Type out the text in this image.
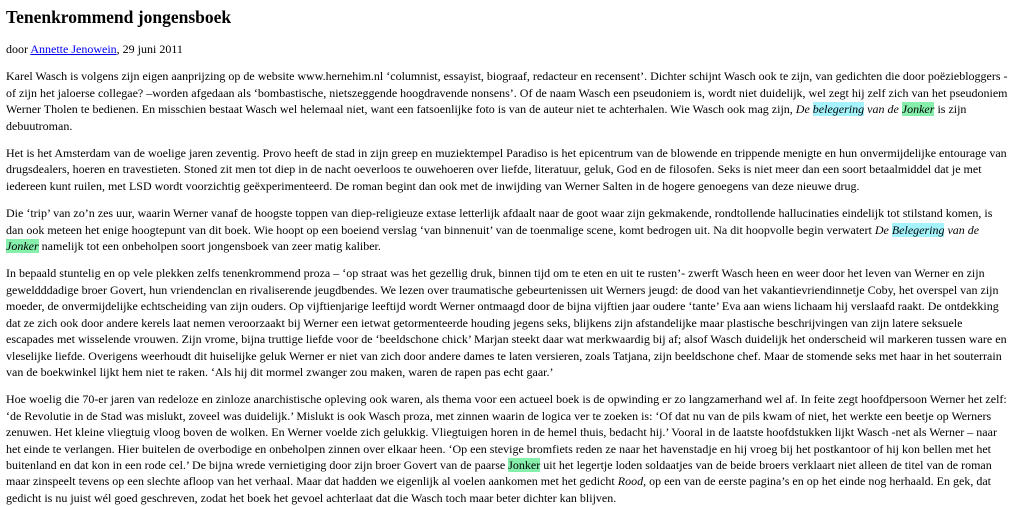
Tenenkrommend jongensboek

door Annette Jenowein, 29 juni 2011

Karel Wasch is volgens zijn eigen aanprijzing op de website www.hernehim.nl ‘columnist, essayist, biograaf, redacteur en recensent’. Dichter schijnt Wasch ook te zijn, van gedichten die door poëziebloggers -of zijn het jaloerse collegae? –worden afgedaan als ‘bombastische, nietszeggende hoogdravende nonsens’. Of de naam Wasch een pseudoniem is, wordt niet duidelijk, wel zegt hij zelf zich van het pseudoniem Werner Tholen te bedienen. En misschien bestaat Wasch wel helemaal niet, want een fatsoenlijke foto is van de auteur niet te achterhalen. Wie Wasch ook mag zijn, De belegering van de Jonker is zijn debuutroman.

Het is het Amsterdam van de woelige jaren zeventig. Provo heeft de stad in zijn greep en muziektempel Paradiso is het epicentrum van de blowende en trippende menigte en hun onvermijdelijke entourage van drugsdealers, hoeren en travestieten. Stoned zit men tot diep in de nacht oeverloos te ouwehoeren over liefde, literatuur, geluk, God en de filosofen. Seks is niet meer dan een soort betaalmiddel dat je met iedereen kunt ruilen, met LSD wordt voorzichtig geëxperimenteerd. De roman begint dan ook met de inwijding van Werner Salten in de hogere genoegens van deze nieuwe drug.

Die ‘trip’ van zo’n zes uur, waarin Werner vanaf de hoogste toppen van diep-religieuze extase letterlijk afdaalt naar de goot waar zijn gekmakende, rondtollende hallucinaties eindelijk tot stilstand komen, is dan ook meteen het enige hoogtepunt van dit boek. Wie hoopt op een boeiend verslag ‘van binnenuit’ van de toenmalige scene, komt bedrogen uit. Na dit hoopvolle begin verwatert De Belegering van de Jonker namelijk tot een onbeholpen soort jongensboek van zeer matig kaliber.

In bepaald stuntelig en op vele plekken zelfs tenenkrommend proza – ‘op straat was het gezellig druk, binnen tijd om te eten en uit te rusten’- zwerft Wasch heen en weer door het leven van Werner en zijn geweldddadige broer Govert, hun vriendenclan en rivaliserende jeugdbendes. We lezen over traumatische gebeurtenissen uit Werners jeugd: de dood van het vakantievriendinnetje Coby, het overspel van zijn moeder, de onvermijdelijke echtscheiding van zijn ouders. Op vijftienjarige leeftijd wordt Werner ontmaagd door de bijna vijftien jaar oudere ‘tante’ Eva aan wiens lichaam hij verslaafd raakt. De ontdekking dat ze zich ook door andere kerels laat nemen veroorzaakt bij Werner een ietwat getormenteerde houding jegens seks, blijkens zijn afstandelijke maar plastische beschrijvingen van zijn latere seksuele escapades met wisselende vrouwen. Zijn vrome, bijna truttige liefde voor de ‘beeldschone chick’ Marjan steekt daar wat merkwaardig bij af; alsof Wasch duidelijk het onderscheid wil markeren tussen ware en vleselijke liefde. Overigens weerhoudt dit huiselijke geluk Werner er niet van zich door andere dames te laten versieren, zoals Tatjana, zijn beeldschone chef. Maar de stomende seks met haar in het souterrain van de boekwinkel lijkt hem niet te raken. ‘Als hij dit mormel zwanger zou maken, waren de rapen pas echt gaar.’

Hoe woelig die 70-er jaren van redeloze en zinloze anarchistische opleving ook waren, als thema voor een actueel boek is de opwinding er zo langzamerhand wel af. In feite zegt hoofdpersoon Werner het zelf: ‘de Revolutie in de Stad was mislukt, zoveel was duidelijk.’ Mislukt is ook Wasch proza, met zinnen waarin de logica ver te zoeken is: ‘Of dat nu van de pils kwam of niet, het werkte een beetje op Werners zenuwen. Het kleine vliegtuig vloog boven de wolken. En Werner voelde zich gelukkig. Vliegtuigen horen in de hemel thuis, bedacht hij.’ Vooral in de laatste hoofdstukken lijkt Wasch -net als Werner – naar het einde te verlangen. Hier buitelen de overbodige en onbeholpen zinnen over elkaar heen. ‘Op een stevige bromfiets reden ze naar het havenstadje en hij vroeg bij het postkantoor of hij kon bellen met het buitenland en dat kon in een rode cel.’ De bijna wrede vernietiging door zijn broer Govert van de paarse Jonker uit het legertje loden soldaatjes van de beide broers verklaart niet alleen de titel van de roman maar zinspeelt tevens op een slechte afloop van het verhaal. Maar dat hadden we eigenlijk al voelen aankomen met het gedicht Rood, op een van de eerste pagina’s en op het einde nog herhaald. En gek, dat gedicht is nu juist wél goed geschreven, zodat het boek het gevoel achterlaat dat die Wasch toch maar beter dichter kan blijven.
